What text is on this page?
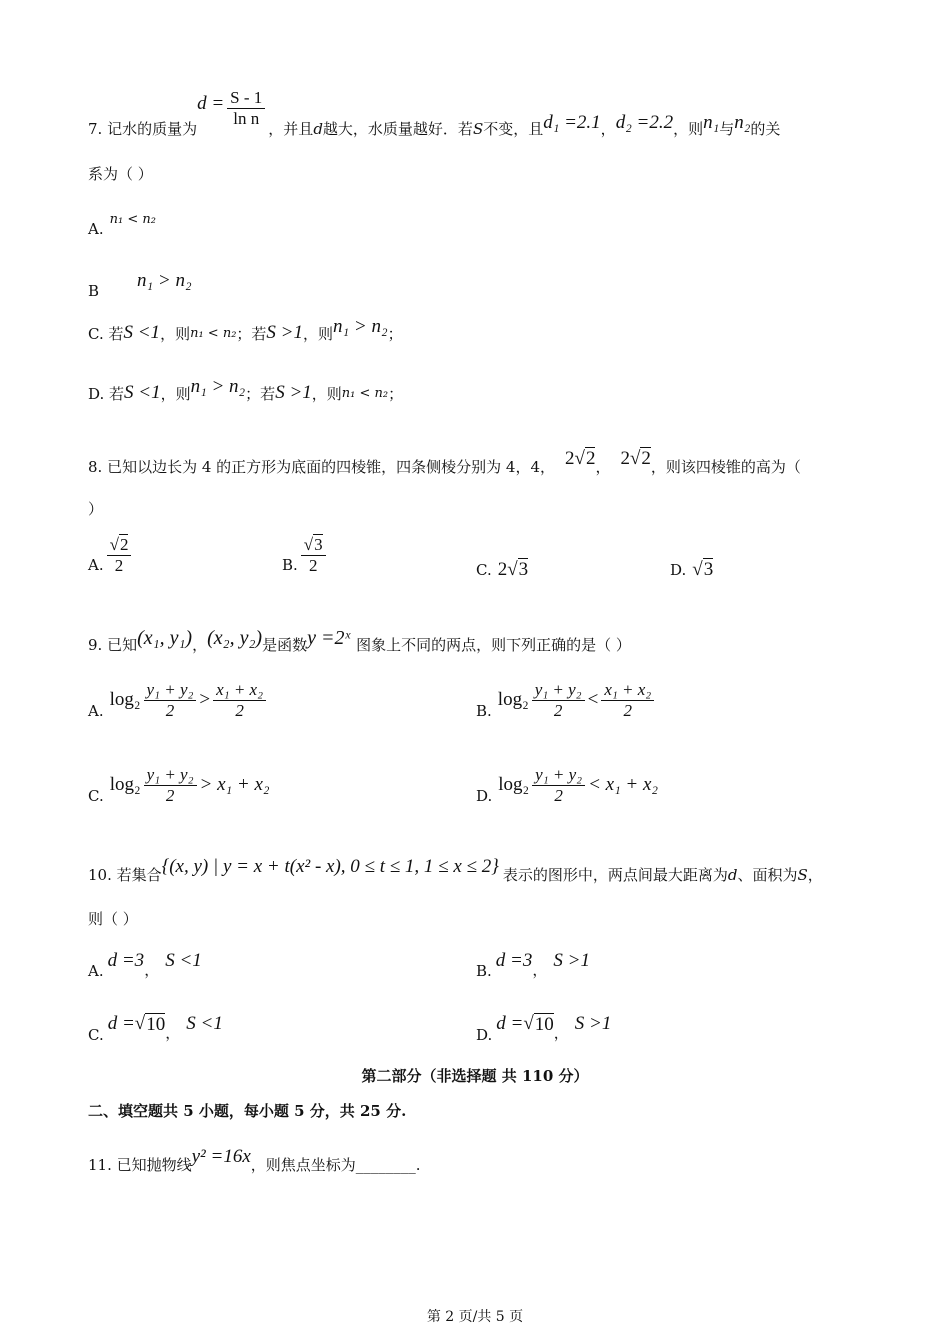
7. 记水的质量为
$d = \frac{S - 1}{\text{ln n}}$
，并且 d 越大，水质量越好．若 S 不变，且 d₁ =2.1 ， d₂ =2.2 ，则 n₁ 与 n₂ 的关
系为（ ）
A.
n₁ < n₂
B n₁ > n₂
C. 若 S <1 ，则 n₁ < n₂ ；若 S >1 ，则 n₁ > n₂ ；
D. 若 S <1 ，则 n₁ > n₂ ；若 S >1 ，则 n₁ < n₂ ；
8. 已知以边长为 4 的正方形为底面的四棱锥，四条侧棱分别为 4，4， 2 √ 2 ， 2 √ 2 ，则该四棱锥的高为（
）
A. $\frac{√2}{2}$	B. $\frac{√3}{2}$	C. 2 √ 3	D. √ 3
9. 已知 (x₁, y₁) ， (x₂, y₂) 是函数 y =2ˣ 图象上不同的两点，则下列正确的是（ ）
A.
$\log_2 \frac{\text{y₁ + y₂}}{2} > \frac{\text{x₁ + x₂}}{2}$	B.
$\log_2 \frac{\text{y₁ + y₂}}{2} < \frac{\text{x₁ + x₂}}{2}$
C.
$\log_2 \frac{\text{y₁ + y₂}}{2} > x_1 + x_2$
D.
$\log_2 \frac{\text{y₁ + y₂}}{2} < x_1 + x_2$
10. 若集合 {(x, y) | y = x + t(x² - x), 0 ≤ t ≤ 1, 1 ≤ x ≤ 2} 表示的图形中，两点间最大距离为 d 、面积为 S ，
则（ ）
A. d =3 ， S <1	B. d =3 ， S >1
C.
d = √ 10 ， S <1
D.
d = √ 10 ， S >1
第二部分（非选择题 共 110 分）
二、填空题共 5 小题，每小题 5 分，共 25 分.
11. 已知抛物线 y² =16x ，则焦点坐标为________.
第 2 页/共 5 页
